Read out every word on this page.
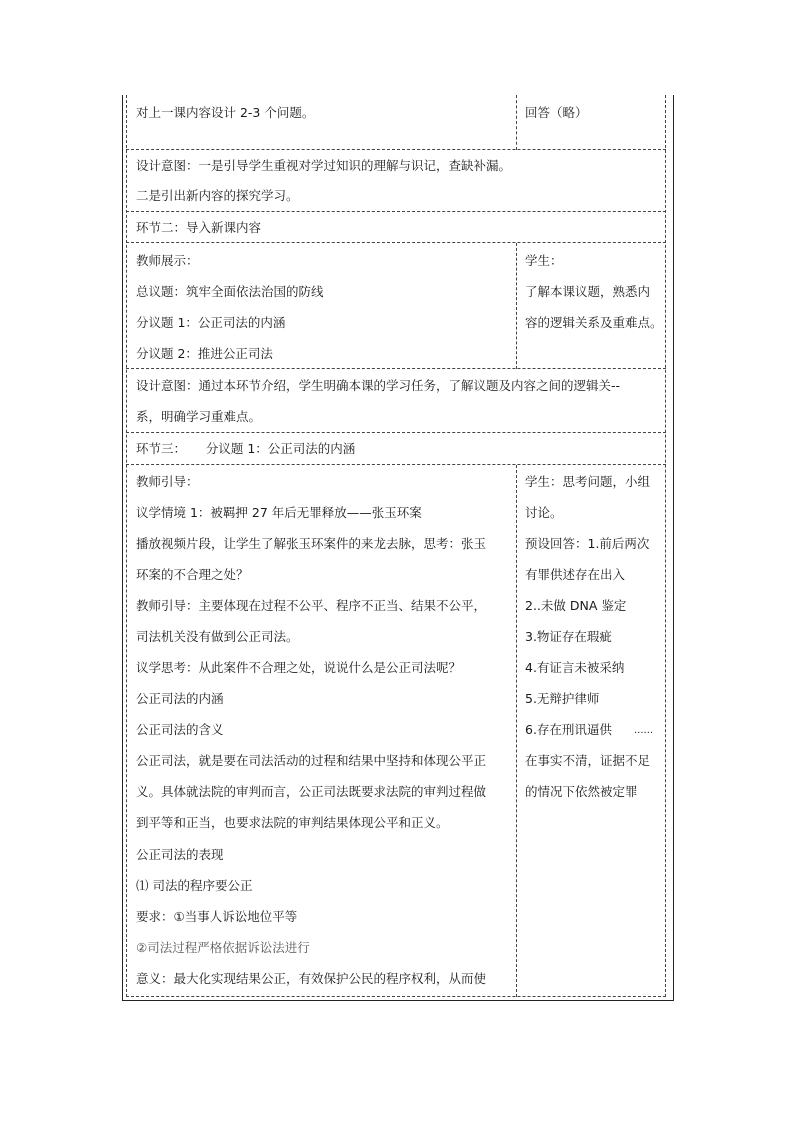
对上一课内容设计 2-3 个问题。	回答（略）
设计意图：一是引导学生重视对学过知识的理解与识记，查缺补漏。
二是引出新内容的探究学习。
环节二：导入新课内容
教师展示：
总议题：筑牢全面依法治国的防线
分议题 1：公正司法的内涵
分议题 2：推进公正司法
学生：
了解本课议题，熟悉内
容的逻辑关系及重难点。
设计意图：通过本环节介绍，学生明确本课的学习任务，了解议题及内容之间的逻辑关--
系，明确学习重难点。
环节三：     分议题 1：公正司法的内涵
教师引导：
议学情境 1：被羁押 27 年后无罪释放——张玉环案
播放视频片段，让学生了解张玉环案件的来龙去脉，思考：张玉
环案的不合理之处？
教师引导：主要体现在过程不公平、程序不正当、结果不公平，
司法机关没有做到公正司法。
议学思考：从此案件不合理之处，说说什么是公正司法呢？
公正司法的内涵
公正司法的含义
公正司法，就是要在司法活动的过程和结果中坚持和体现公平正
义。具体就法院的审判而言，公正司法既要求法院的审判过程做
到平等和正当，也要求法院的审判结果体现公平和正义。
公正司法的表现
⑴ 司法的程序要公正
要求：①当事人诉讼地位平等
②司法过程严格依据诉讼法进行
意义：最大化实现结果公正，有效保护公民的程序权利，从而使
学生：思考问题，小组
讨论。
预设回答：1.前后两次
有罪供述存在出入
2..未做 DNA 鉴定
3.物证存在瑕疵
4.有证言未被采纳
5.无辩护律师
6.存在刑讯逼供 ......
在事实不清，证据不足
的情况下依然被定罪
